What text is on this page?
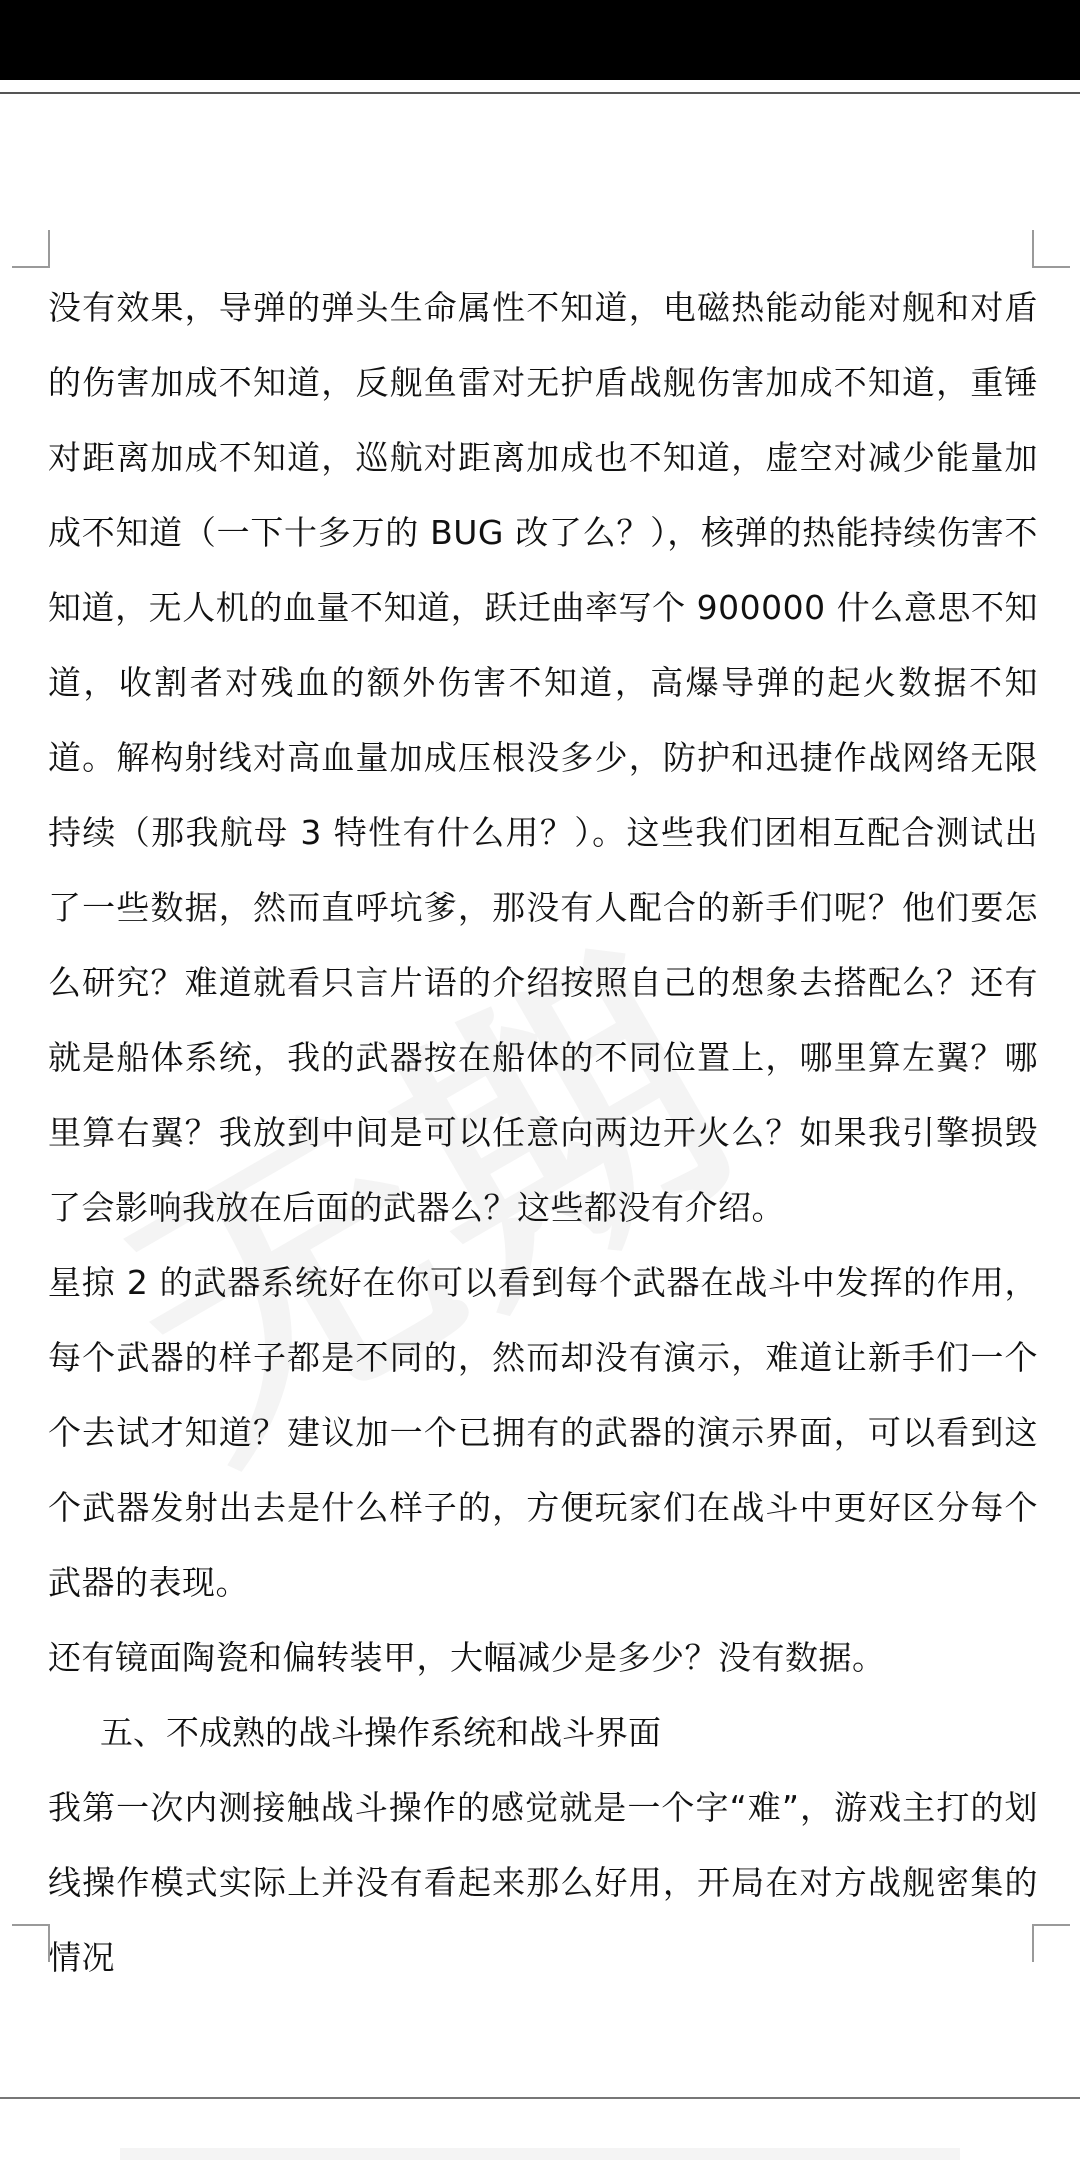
没有效果，导弹的弹头生命属性不知道，电磁热能动能对舰和对盾的伤害加成不知道，反舰鱼雷对无护盾战舰伤害加成不知道，重锤对距离加成不知道，巡航对距离加成也不知道，虚空对减少能量加成不知道（一下十多万的 BUG 改了么？），核弹的热能持续伤害不知道，无人机的血量不知道，跃迁曲率写个 900000 什么意思不知道，收割者对残血的额外伤害不知道，高爆导弹的起火数据不知道。解构射线对高血量加成压根没多少，防护和迅捷作战网络无限持续（那我航母 3 特性有什么用？）。这些我们团相互配合测试出了一些数据，然而直呼坑爹，那没有人配合的新手们呢？他们要怎么研究？难道就看只言片语的介绍按照自己的想象去搭配么？还有就是船体系统，我的武器按在船体的不同位置上，哪里算左翼？哪里算右翼？我放到中间是可以任意向两边开火么？如果我引擎损毁了会影响我放在后面的武器么？这些都没有介绍。

星掠 2 的武器系统好在你可以看到每个武器在战斗中发挥的作用，每个武器的样子都是不同的，然而却没有演示，难道让新手们一个个去试才知道？建议加一个已拥有的武器的演示界面，可以看到这个武器发射出去是什么样子的，方便玩家们在战斗中更好区分每个武器的表现。

还有镜面陶瓷和偏转装甲，大幅减少是多少？没有数据。

五、不成熟的战斗操作系统和战斗界面

我第一次内测接触战斗操作的感觉就是一个字“难”，游戏主打的划线操作模式实际上并没有看起来那么好用，开局在对方战舰密集的情况
